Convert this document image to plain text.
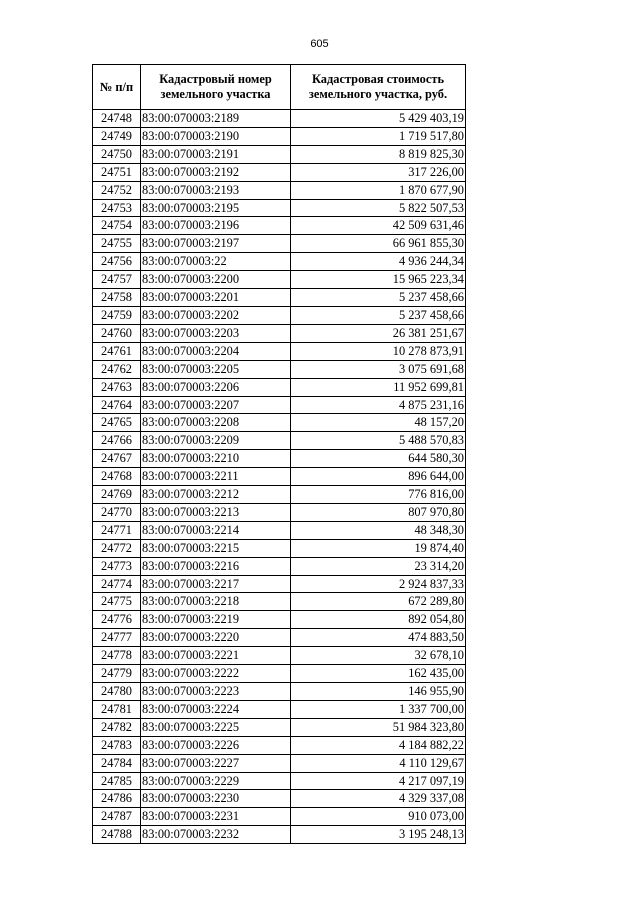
605
№ п/п	Кадастровый номер земельного участка	Кадастровая стоимость земельного участка, руб.
24748	83:00:070003:2189	5 429 403,19
24749	83:00:070003:2190	1 719 517,80
24750	83:00:070003:2191	8 819 825,30
24751	83:00:070003:2192	317 226,00
24752	83:00:070003:2193	1 870 677,90
24753	83:00:070003:2195	5 822 507,53
24754	83:00:070003:2196	42 509 631,46
24755	83:00:070003:2197	66 961 855,30
24756	83:00:070003:22	4 936 244,34
24757	83:00:070003:2200	15 965 223,34
24758	83:00:070003:2201	5 237 458,66
24759	83:00:070003:2202	5 237 458,66
24760	83:00:070003:2203	26 381 251,67
24761	83:00:070003:2204	10 278 873,91
24762	83:00:070003:2205	3 075 691,68
24763	83:00:070003:2206	11 952 699,81
24764	83:00:070003:2207	4 875 231,16
24765	83:00:070003:2208	48 157,20
24766	83:00:070003:2209	5 488 570,83
24767	83:00:070003:2210	644 580,30
24768	83:00:070003:2211	896 644,00
24769	83:00:070003:2212	776 816,00
24770	83:00:070003:2213	807 970,80
24771	83:00:070003:2214	48 348,30
24772	83:00:070003:2215	19 874,40
24773	83:00:070003:2216	23 314,20
24774	83:00:070003:2217	2 924 837,33
24775	83:00:070003:2218	672 289,80
24776	83:00:070003:2219	892 054,80
24777	83:00:070003:2220	474 883,50
24778	83:00:070003:2221	32 678,10
24779	83:00:070003:2222	162 435,00
24780	83:00:070003:2223	146 955,90
24781	83:00:070003:2224	1 337 700,00
24782	83:00:070003:2225	51 984 323,80
24783	83:00:070003:2226	4 184 882,22
24784	83:00:070003:2227	4 110 129,67
24785	83:00:070003:2229	4 217 097,19
24786	83:00:070003:2230	4 329 337,08
24787	83:00:070003:2231	910 073,00
24788	83:00:070003:2232	3 195 248,13
